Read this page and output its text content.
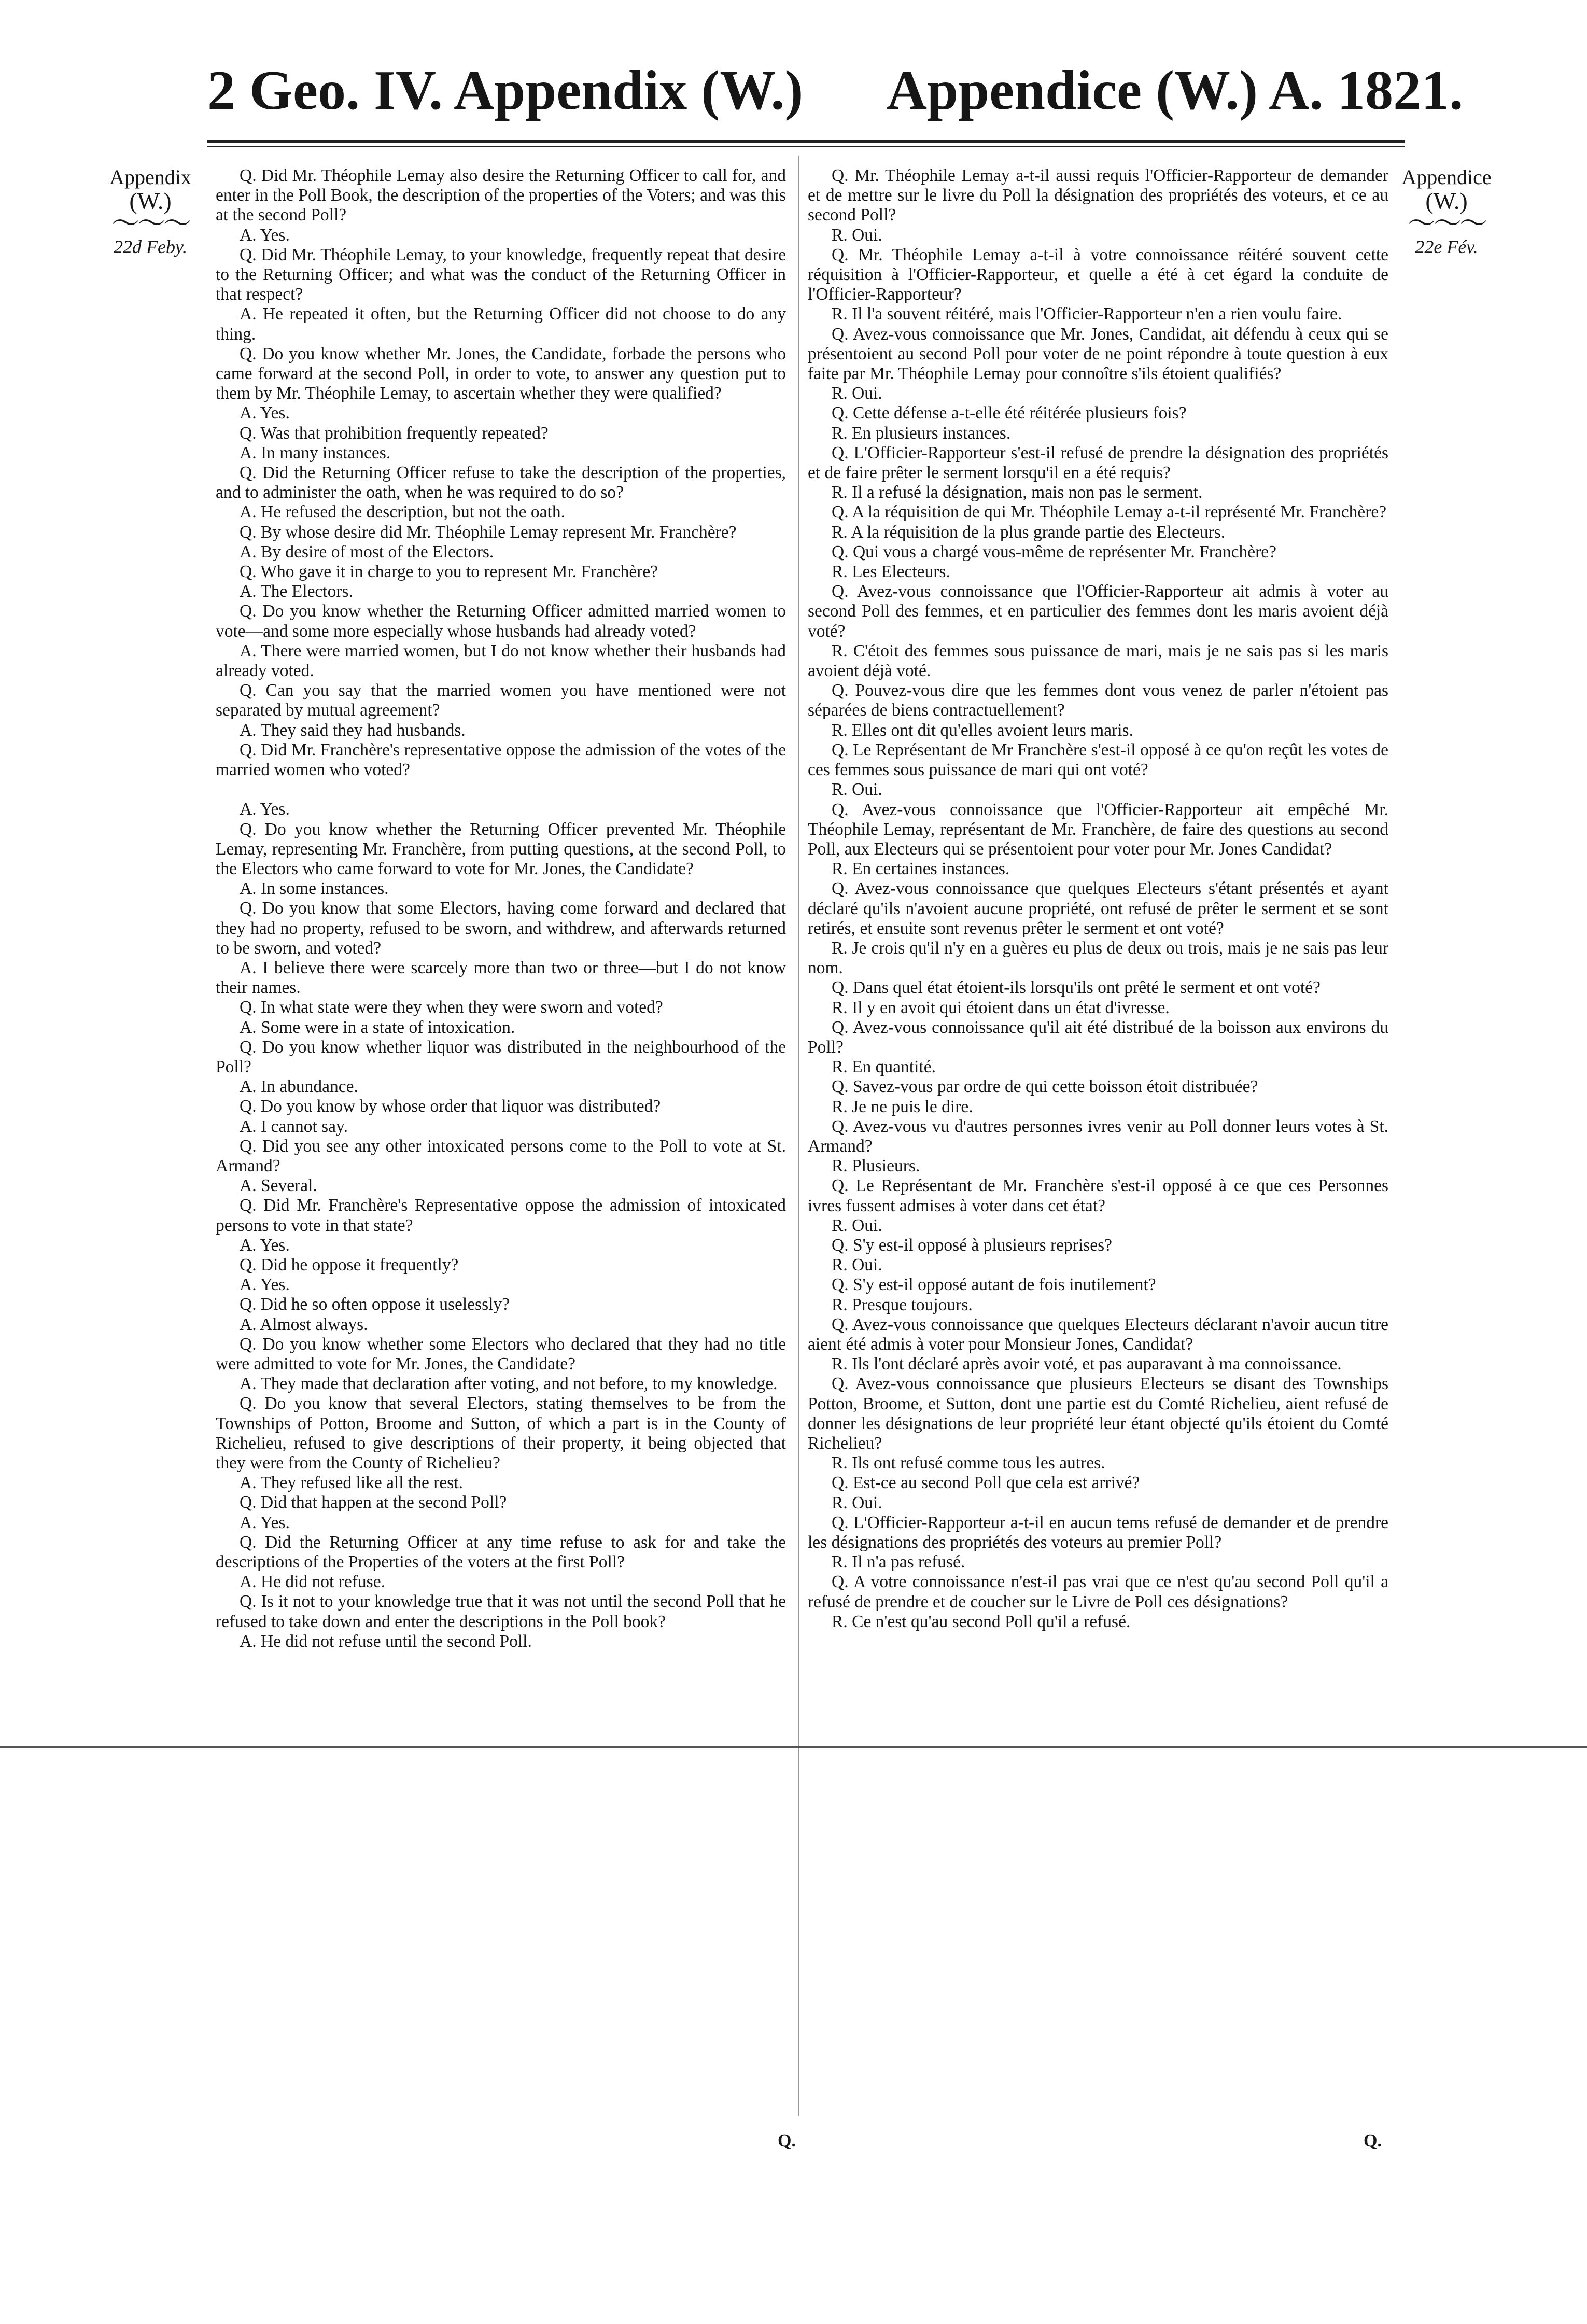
2 Geo. IV. Appendix (W.) Appendice (W.) A. 1821.
Appendix
(W.)
〜〜〜
22d Feby.
Appendice
(W.)
〜〜〜
22e Fév.

Q. Did Mr. Théophile Lemay also desire the Returning Officer to call for, and enter in the Poll Book, the description of the properties of the Voters; and was this at the second Poll?

A. Yes.

Q. Did Mr. Théophile Lemay, to your knowledge, frequently repeat that desire to the Returning Officer; and what was the conduct of the Returning Officer in that respect?

A. He repeated it often, but the Returning Officer did not choose to do any thing.

Q. Do you know whether Mr. Jones, the Candidate, forbade the persons who came forward at the second Poll, in order to vote, to answer any question put to them by Mr. Théophile Lemay, to ascertain whether they were qualified?

A. Yes.

Q. Was that prohibition frequently repeated?

A. In many instances.

Q. Did the Returning Officer refuse to take the description of the properties, and to administer the oath, when he was required to do so?

A. He refused the description, but not the oath.

Q. By whose desire did Mr. Théophile Lemay represent Mr. Franchère?

A. By desire of most of the Electors.

Q. Who gave it in charge to you to represent Mr. Franchère?

A. The Electors.

Q. Do you know whether the Returning Officer admitted married women to vote—and some more especially whose husbands had already voted?

A. There were married women, but I do not know whether their husbands had already voted.

Q. Can you say that the married women you have mentioned were not separated by mutual agreement?

A. They said they had husbands.

Q. Did Mr. Franchère's representative oppose the admission of the votes of the married women who voted?

A. Yes.

Q. Do you know whether the Returning Officer prevented Mr. Théophile Lemay, representing Mr. Franchère, from putting questions, at the second Poll, to the Electors who came forward to vote for Mr. Jones, the Candidate?

A. In some instances.

Q. Do you know that some Electors, having come forward and declared that they had no property, refused to be sworn, and withdrew, and afterwards returned to be sworn, and voted?

A. I believe there were scarcely more than two or three—but I do not know their names.

Q. In what state were they when they were sworn and voted?

A. Some were in a state of intoxication.

Q. Do you know whether liquor was distributed in the neighbourhood of the Poll?

A. In abundance.

Q. Do you know by whose order that liquor was distributed?

A. I cannot say.

Q. Did you see any other intoxicated persons come to the Poll to vote at St. Armand?

A. Several.

Q. Did Mr. Franchère's Representative oppose the admission of intoxicated persons to vote in that state?

A. Yes.

Q. Did he oppose it frequently?

A. Yes.

Q. Did he so often oppose it uselessly?

A. Almost always.

Q. Do you know whether some Electors who declared that they had no title were admitted to vote for Mr. Jones, the Candidate?

A. They made that declaration after voting, and not before, to my knowledge.

Q. Do you know that several Electors, stating themselves to be from the Townships of Potton, Broome and Sutton, of which a part is in the County of Richelieu, refused to give descriptions of their property, it being objected that they were from the County of Richelieu?

A. They refused like all the rest.

Q. Did that happen at the second Poll?

A. Yes.

Q. Did the Returning Officer at any time refuse to ask for and take the descriptions of the Properties of the voters at the first Poll?

A. He did not refuse.

Q. Is it not to your knowledge true that it was not until the second Poll that he refused to take down and enter the descriptions in the Poll book?

A. He did not refuse until the second Poll.

Q. Mr. Théophile Lemay a-t-il aussi requis l'Officier-Rapporteur de demander et de mettre sur le livre du Poll la désignation des propriétés des voteurs, et ce au second Poll?

R. Oui.

Q. Mr. Théophile Lemay a-t-il à votre connoissance réitéré souvent cette réquisition à l'Officier-Rapporteur, et quelle a été à cet égard la conduite de l'Officier-Rapporteur?

R. Il l'a souvent réitéré, mais l'Officier-Rapporteur n'en a rien voulu faire.

Q. Avez-vous connoissance que Mr. Jones, Candidat, ait défendu à ceux qui se présentoient au second Poll pour voter de ne point répondre à toute question à eux faite par Mr. Théophile Lemay pour connoître s'ils étoient qualifiés?

R. Oui.

Q. Cette défense a-t-elle été réitérée plusieurs fois?

R. En plusieurs instances.

Q. L'Officier-Rapporteur s'est-il refusé de prendre la désignation des propriétés et de faire prêter le serment lorsqu'il en a été requis?

R. Il a refusé la désignation, mais non pas le serment.

Q. A la réquisition de qui Mr. Théophile Lemay a-t-il représenté Mr. Franchère?

R. A la réquisition de la plus grande partie des Electeurs.

Q. Qui vous a chargé vous-même de représenter Mr. Franchère?

R. Les Electeurs.

Q. Avez-vous connoissance que l'Officier-Rapporteur ait admis à voter au second Poll des femmes, et en particulier des femmes dont les maris avoient déjà voté?

R. C'étoit des femmes sous puissance de mari, mais je ne sais pas si les maris avoient déjà voté.

Q. Pouvez-vous dire que les femmes dont vous venez de parler n'étoient pas séparées de biens contractuellement?

R. Elles ont dit qu'elles avoient leurs maris.

Q. Le Représentant de Mr Franchère s'est-il opposé à ce qu'on reçût les votes de ces femmes sous puissance de mari qui ont voté?

R. Oui.

Q. Avez-vous connoissance que l'Officier-Rapporteur ait empêché Mr. Théophile Lemay, représentant de Mr. Franchère, de faire des questions au second Poll, aux Electeurs qui se présentoient pour voter pour Mr. Jones Candidat?

R. En certaines instances.

Q. Avez-vous connoissance que quelques Electeurs s'étant présentés et ayant déclaré qu'ils n'avoient aucune propriété, ont refusé de prêter le serment et se sont retirés, et ensuite sont revenus prêter le serment et ont voté?

R. Je crois qu'il n'y en a guères eu plus de deux ou trois, mais je ne sais pas leur nom.

Q. Dans quel état étoient-ils lorsqu'ils ont prêté le serment et ont voté?

R. Il y en avoit qui étoient dans un état d'ivresse.

Q. Avez-vous connoissance qu'il ait été distribué de la boisson aux environs du Poll?

R. En quantité.

Q. Savez-vous par ordre de qui cette boisson étoit distribuée?

R. Je ne puis le dire.

Q. Avez-vous vu d'autres personnes ivres venir au Poll donner leurs votes à St. Armand?

R. Plusieurs.

Q. Le Représentant de Mr. Franchère s'est-il opposé à ce que ces Personnes ivres fussent admises à voter dans cet état?

R. Oui.

Q. S'y est-il opposé à plusieurs reprises?

R. Oui.

Q. S'y est-il opposé autant de fois inutilement?

R. Presque toujours.

Q. Avez-vous connoissance que quelques Electeurs déclarant n'avoir aucun titre aient été admis à voter pour Monsieur Jones, Candidat?

R. Ils l'ont déclaré après avoir voté, et pas auparavant à ma connoissance.

Q. Avez-vous connoissance que plusieurs Electeurs se disant des Townships Potton, Broome, et Sutton, dont une partie est du Comté Richelieu, aient refusé de donner les désignations de leur propriété leur étant objecté qu'ils étoient du Comté Richelieu?

R. Ils ont refusé comme tous les autres.

Q. Est-ce au second Poll que cela est arrivé?

R. Oui.

Q. L'Officier-Rapporteur a-t-il en aucun tems refusé de demander et de prendre les désignations des propriétés des voteurs au premier Poll?

R. Il n'a pas refusé.

Q. A votre connoissance n'est-il pas vrai que ce n'est qu'au second Poll qu'il a refusé de prendre et de coucher sur le Livre de Poll ces désignations?

R. Ce n'est qu'au second Poll qu'il a refusé.

Q.	Q.
